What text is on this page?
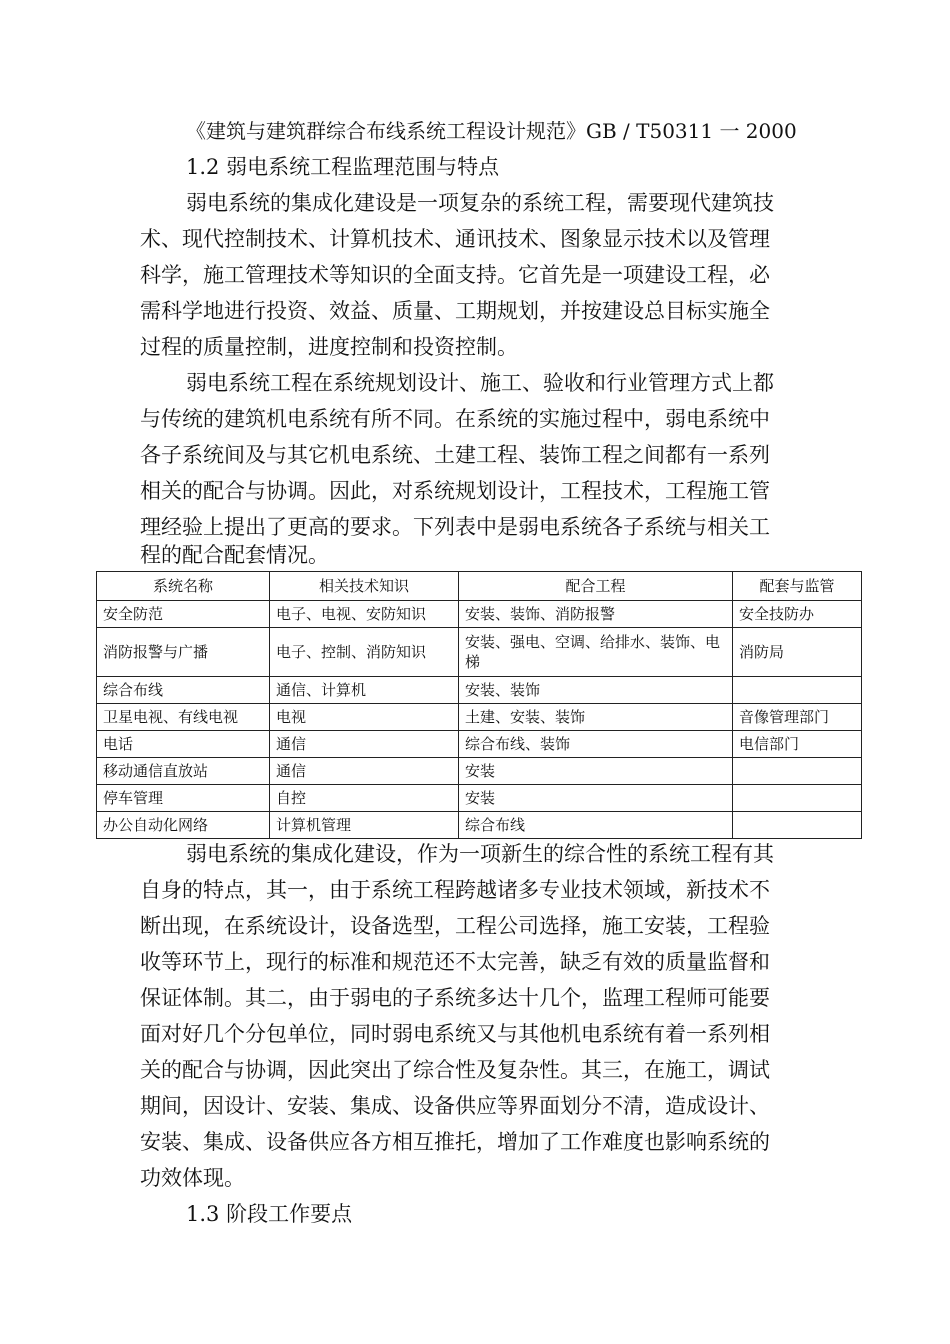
《建筑与建筑群综合布线系统工程设计规范》GB / T50311 一 2000
1.2 弱电系统工程监理范围与特点
弱电系统的集成化建设是一项复杂的系统工程，需要现代建筑技
术、现代控制技术、计算机技术、通讯技术、图象显示技术以及管理
科学，施工管理技术等知识的全面支持。它首先是一项建设工程，必
需科学地进行投资、效益、质量、工期规划，并按建设总目标实施全
过程的质量控制，进度控制和投资控制。
弱电系统工程在系统规划设计、施工、验收和行业管理方式上都
与传统的建筑机电系统有所不同。在系统的实施过程中，弱电系统中
各子系统间及与其它机电系统、土建工程、装饰工程之间都有一系列
相关的配合与协调。因此，对系统规划设计，工程技术，工程施工管
理经验上提出了更高的要求。下列表中是弱电系统各子系统与相关工
程的配合配套情况。
系统名称	相关技术知识	配合工程	配套与监管
安全防范	电子、电视、安防知识	安装、装饰、消防报警	安全技防办
消防报警与广播	电子、控制、消防知识	安装、强电、空调、给排水、装饰、电梯	消防局
综合布线	通信、计算机	安装、装饰	
卫星电视、有线电视	电视	土建、安装、装饰	音像管理部门
电话	通信	综合布线、装饰	电信部门
移动通信直放站	通信	安装	
停车管理	自控	安装	
办公自动化网络	计算机管理	综合布线	
弱电系统的集成化建设，作为一项新生的综合性的系统工程有其
自身的特点，其一，由于系统工程跨越诸多专业技术领域，新技术不
断出现，在系统设计，设备选型，工程公司选择，施工安装，工程验
收等环节上，现行的标准和规范还不太完善，缺乏有效的质量监督和
保证体制。其二，由于弱电的子系统多达十几个，监理工程师可能要
面对好几个分包单位，同时弱电系统又与其他机电系统有着一系列相
关的配合与协调，因此突出了综合性及复杂性。其三，在施工，调试
期间，因设计、安装、集成、设备供应等界面划分不清，造成设计、
安装、集成、设备供应各方相互推托，增加了工作难度也影响系统的
功效体现。
1.3 阶段工作要点
